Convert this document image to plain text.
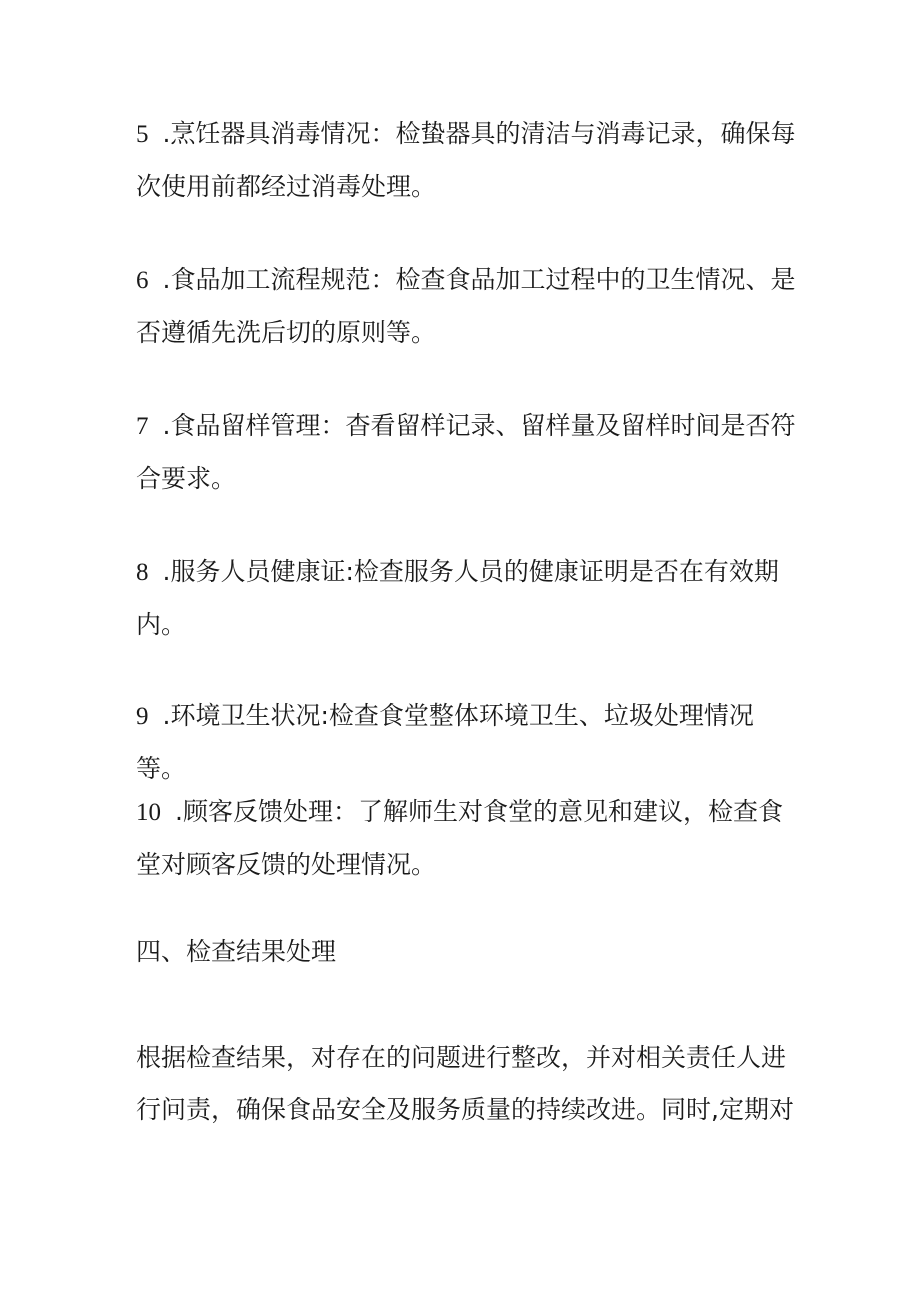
5 .烹饪器具消毒情况：检蛰器具的清洁与消毒记录，确保每次使用前都经过消毒处理。

6 .食品加工流程规范：检查食品加工过程中的卫生情况、是否遵循先洗后切的原则等。

7 .食品留样管理：杳看留样记录、留样量及留样时间是否符合要求。

8 .服务人员健康证:检查服务人员的健康证明是否在有效期内。

9 .环境卫生状况:检查食堂整体环境卫生、垃圾处理情况等。

10 .顾客反馈处理：了解师生对食堂的意见和建议，检查食堂对顾客反馈的处理情况。

四、检查结果处理

根据检查结果，对存在的问题进行整改，并对相关责任人进行问责，确保食品安全及服务质量的持续改进。同时,定期对
